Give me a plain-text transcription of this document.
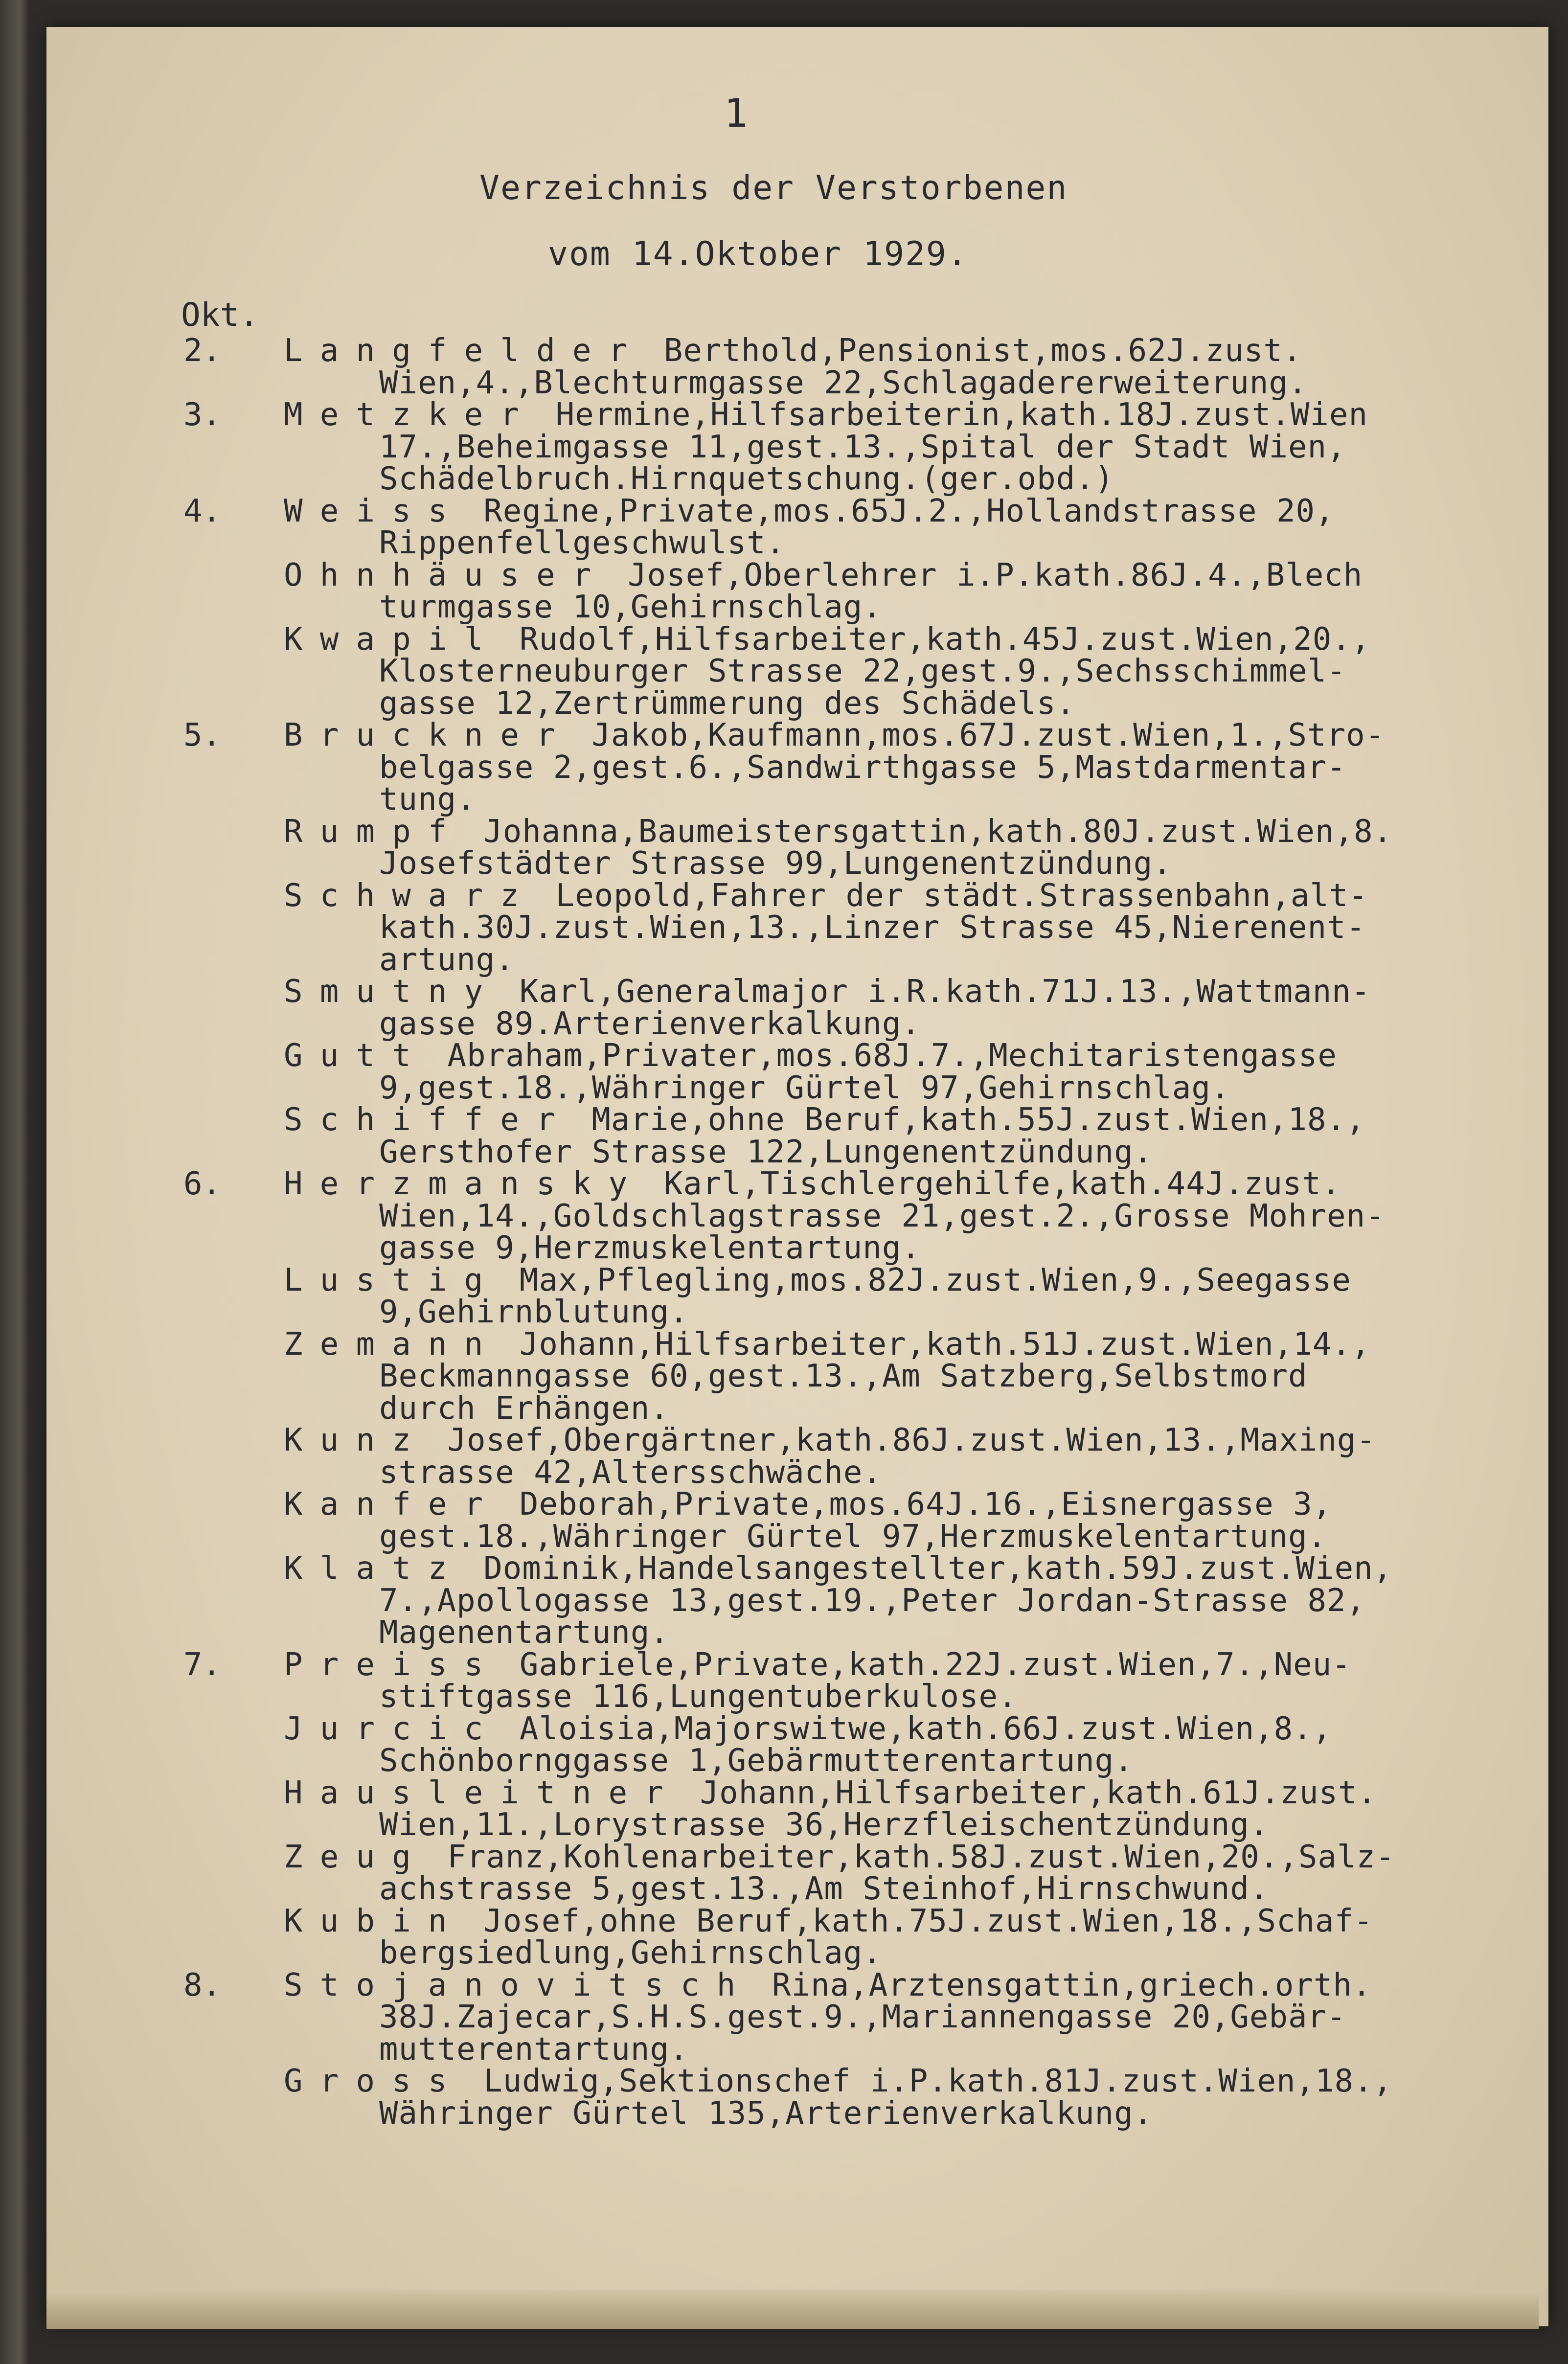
1
Verzeichnis der Verstorbenen
vom 14.Oktober 1929.
Okt.
2. Langfelder Berthold,Pensionist,mos.62J.zust.
Wien,4.,Blechturmgasse 22,Schlagadererweiterung.
3. Metzker Hermine,Hilfsarbeiterin,kath.18J.zust.Wien
17.,Beheimgasse 11,gest.13.,Spital der Stadt Wien,
Schädelbruch.Hirnquetschung.(ger.obd.)
4. Weiss Regine,Private,mos.65J.2.,Hollandstrasse 20,
Rippenfellgeschwulst.
Ohnhäuser Josef,Oberlehrer i.P.kath.86J.4.,Blech
turmgasse 10,Gehirnschlag.
Kwapil Rudolf,Hilfsarbeiter,kath.45J.zust.Wien,20.,
Klosterneuburger Strasse 22,gest.9.,Sechsschimmel-
gasse 12,Zertrümmerung des Schädels.
5. Bruckner Jakob,Kaufmann,mos.67J.zust.Wien,1.,Stro-
belgasse 2,gest.6.,Sandwirthgasse 5,Mastdarmentar-
tung.
Rumpf Johanna,Baumeistersgattin,kath.80J.zust.Wien,8.
Josefstädter Strasse 99,Lungenentzündung.
Schwarz Leopold,Fahrer der städt.Strassenbahn,alt-
kath.30J.zust.Wien,13.,Linzer Strasse 45,Nierenent-
artung.
Smutny Karl,Generalmajor i.R.kath.71J.13.,Wattmann-
gasse 89.Arterienverkalkung.
Gutt Abraham,Privater,mos.68J.7.,Mechitaristengasse
9,gest.18.,Währinger Gürtel 97,Gehirnschlag.
Schiffer Marie,ohne Beruf,kath.55J.zust.Wien,18.,
Gersthofer Strasse 122,Lungenentzündung.
6. Herzmansky Karl,Tischlergehilfe,kath.44J.zust.
Wien,14.,Goldschlagstrasse 21,gest.2.,Grosse Mohren-
gasse 9,Herzmuskelentartung.
Lustig Max,Pflegling,mos.82J.zust.Wien,9.,Seegasse
9,Gehirnblutung.
Zemann Johann,Hilfsarbeiter,kath.51J.zust.Wien,14.,
Beckmanngasse 60,gest.13.,Am Satzberg,Selbstmord
durch Erhängen.
Kunz Josef,Obergärtner,kath.86J.zust.Wien,13.,Maxing-
strasse 42,Altersschwäche.
Kanfer Deborah,Private,mos.64J.16.,Eisnergasse 3,
gest.18.,Währinger Gürtel 97,Herzmuskelentartung.
Klatz Dominik,Handelsangestellter,kath.59J.zust.Wien,
7.,Apollogasse 13,gest.19.,Peter Jordan-Strasse 82,
Magenentartung.
7. Preiss Gabriele,Private,kath.22J.zust.Wien,7.,Neu-
stiftgasse 116,Lungentuberkulose.
Jurcic Aloisia,Majorswitwe,kath.66J.zust.Wien,8.,
Schönbornggasse 1,Gebärmutterentartung.
Hausleitner Johann,Hilfsarbeiter,kath.61J.zust.
Wien,11.,Lorystrasse 36,Herzfleischentzündung.
Zeug Franz,Kohlenarbeiter,kath.58J.zust.Wien,20.,Salz-
achstrasse 5,gest.13.,Am Steinhof,Hirnschwund.
Kubin Josef,ohne Beruf,kath.75J.zust.Wien,18.,Schaf-
bergsiedlung,Gehirnschlag.
8. Stojanovitsch Rina,Arztensgattin,griech.orth.
38J.Zajecar,S.H.S.gest.9.,Mariannengasse 20,Gebär-
mutterentartung.
Gross Ludwig,Sektionschef i.P.kath.81J.zust.Wien,18.,
Währinger Gürtel 135,Arterienverkalkung.
